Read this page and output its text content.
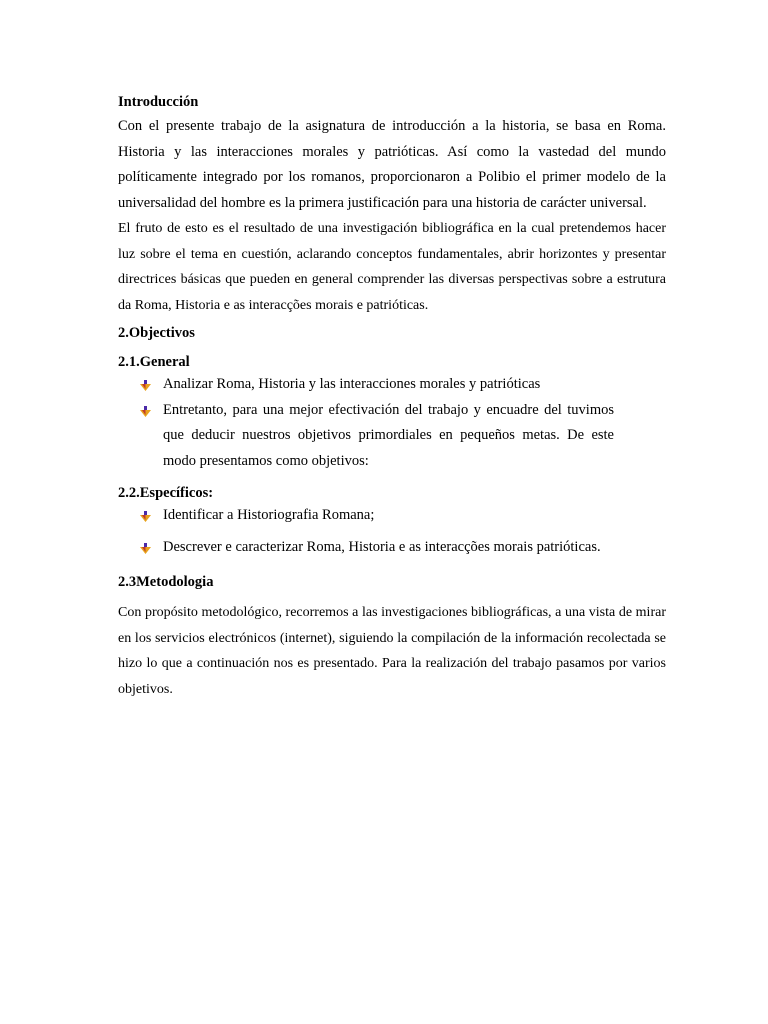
Introducción

Con el presente trabajo de la asignatura de introducción a la historia, se basa en Roma. Historia y las interacciones morales y patrióticas. Así como la vastedad del mundo políticamente integrado por los romanos, proporcionaron a Polibio el primer modelo de la universalidad del hombre es la primera justificación para una historia de carácter universal.

El fruto de esto es el resultado de una investigación bibliográfica en la cual pretendemos hacer luz sobre el tema en cuestión, aclarando conceptos fundamentales, abrir horizontes y presentar directrices básicas que pueden en general comprender las diversas perspectivas sobre a estrutura da Roma, Historia e as interacções morais e patrióticas.

2.Objectivos

2.1.General

Analizar Roma, Historia y las interacciones morales y patrióticas
Entretanto, para una mejor efectivación del trabajo y encuadre del tuvimos que deducir nuestros objetivos primordiales en pequeños metas. De este modo presentamos como objetivos:

2.2.Específicos:

Identificar a Historiografia Romana;
Descrever e caracterizar Roma, Historia e as interacções morais patrióticas.

2.3Metodologia

Con propósito metodológico, recorremos a las investigaciones bibliográficas, a una vista de mirar en los servicios electrónicos (internet), siguiendo la compilación de la información recolectada se hizo lo que a continuación nos es presentado. Para la realización del trabajo pasamos por varios objetivos.
